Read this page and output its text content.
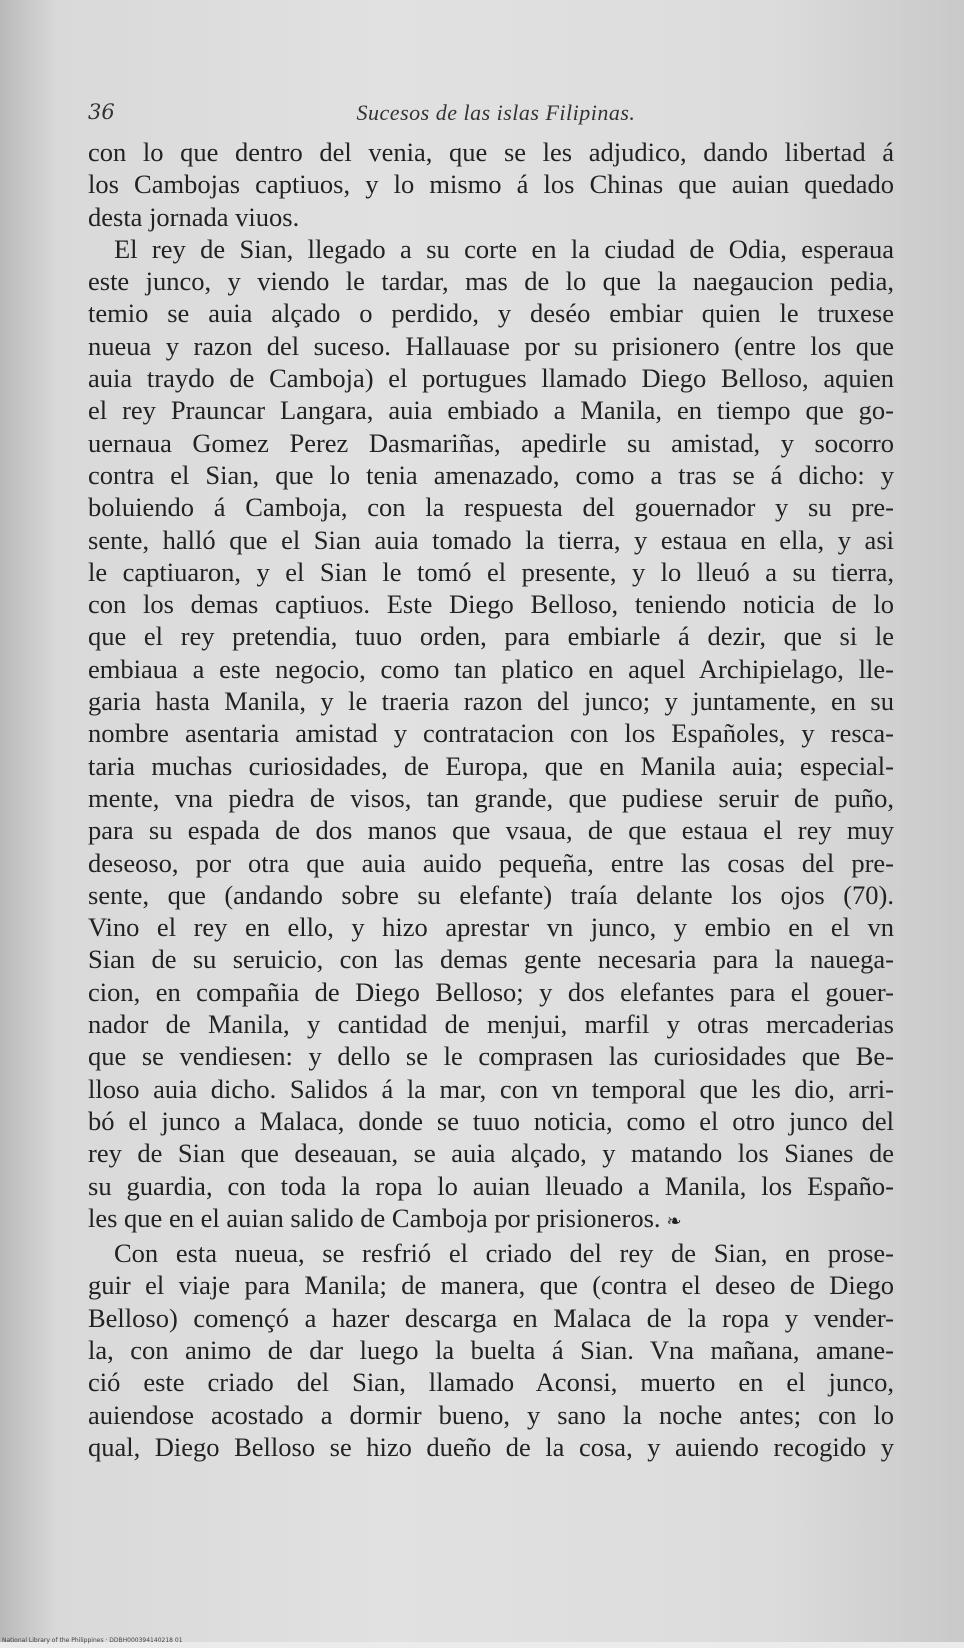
36	Sucesos de las islas Filipinas.
con lo que dentro del venia, que se les adjudico, dando libertad á
los Cambojas captiuos, y lo mismo á los Chinas que auian quedado
desta jornada viuos.
El rey de Sian, llegado a su corte en la ciudad de Odia, esperaua
este junco, y viendo le tardar, mas de lo que la naegaucion pedia,
temio se auia alçado o perdido, y deséo embiar quien le truxese
nueua y razon del suceso. Hallauase por su prisionero (entre los que
auia traydo de Camboja) el portugues llamado Diego Belloso, aquien
el rey Prauncar Langara, auia embiado a Manila, en tiempo que go-
uernaua Gomez Perez Dasmariñas, apedirle su amistad, y socorro
contra el Sian, que lo tenia amenazado, como a tras se á dicho: y
boluiendo á Camboja, con la respuesta del gouernador y su pre-
sente, halló que el Sian auia tomado la tierra, y estaua en ella, y asi
le captiuaron, y el Sian le tomó el presente, y lo lleuó a su tierra,
con los demas captiuos. Este Diego Belloso, teniendo noticia de lo
que el rey pretendia, tuuo orden, para embiarle á dezir, que si le
embiaua a este negocio, como tan platico en aquel Archipielago, lle-
garia hasta Manila, y le traeria razon del junco; y juntamente, en su
nombre asentaria amistad y contratacion con los Españoles, y resca-
taria muchas curiosidades, de Europa, que en Manila auia; especial-
mente, vna piedra de visos, tan grande, que pudiese seruir de puño,
para su espada de dos manos que vsaua, de que estaua el rey muy
deseoso, por otra que auia auido pequeña, entre las cosas del pre-
sente, que (andando sobre su elefante) traía delante los ojos (70).
Vino el rey en ello, y hizo aprestar vn junco, y embio en el vn
Sian de su seruicio, con las demas gente necesaria para la nauega-
cion, en compañia de Diego Belloso; y dos elefantes para el gouer-
nador de Manila, y cantidad de menjui, marfil y otras mercaderias
que se vendiesen: y dello se le comprasen las curiosidades que Be-
lloso auia dicho. Salidos á la mar, con vn temporal que les dio, arri-
bó el junco a Malaca, donde se tuuo noticia, como el otro junco del
rey de Sian que deseauan, se auia alçado, y matando los Sianes de
su guardia, con toda la ropa lo auian lleuado a Manila, los Españo-
les que en el auian salido de Camboja por prisioneros. ❧
Con esta nueua, se resfrió el criado del rey de Sian, en prose-
guir el viaje para Manila; de manera, que (contra el deseo de Diego
Belloso) començó a hazer descarga en Malaca de la ropa y vender-
la, con animo de dar luego la buelta á Sian. Vna mañana, amane-
ció este criado del Sian, llamado Aconsi, muerto en el junco,
auiendose acostado a dormir bueno, y sano la noche antes; con lo
qual, Diego Belloso se hizo dueño de la cosa, y auiendo recogido y
National Library of the Philippines · DDBH000394140218 01
